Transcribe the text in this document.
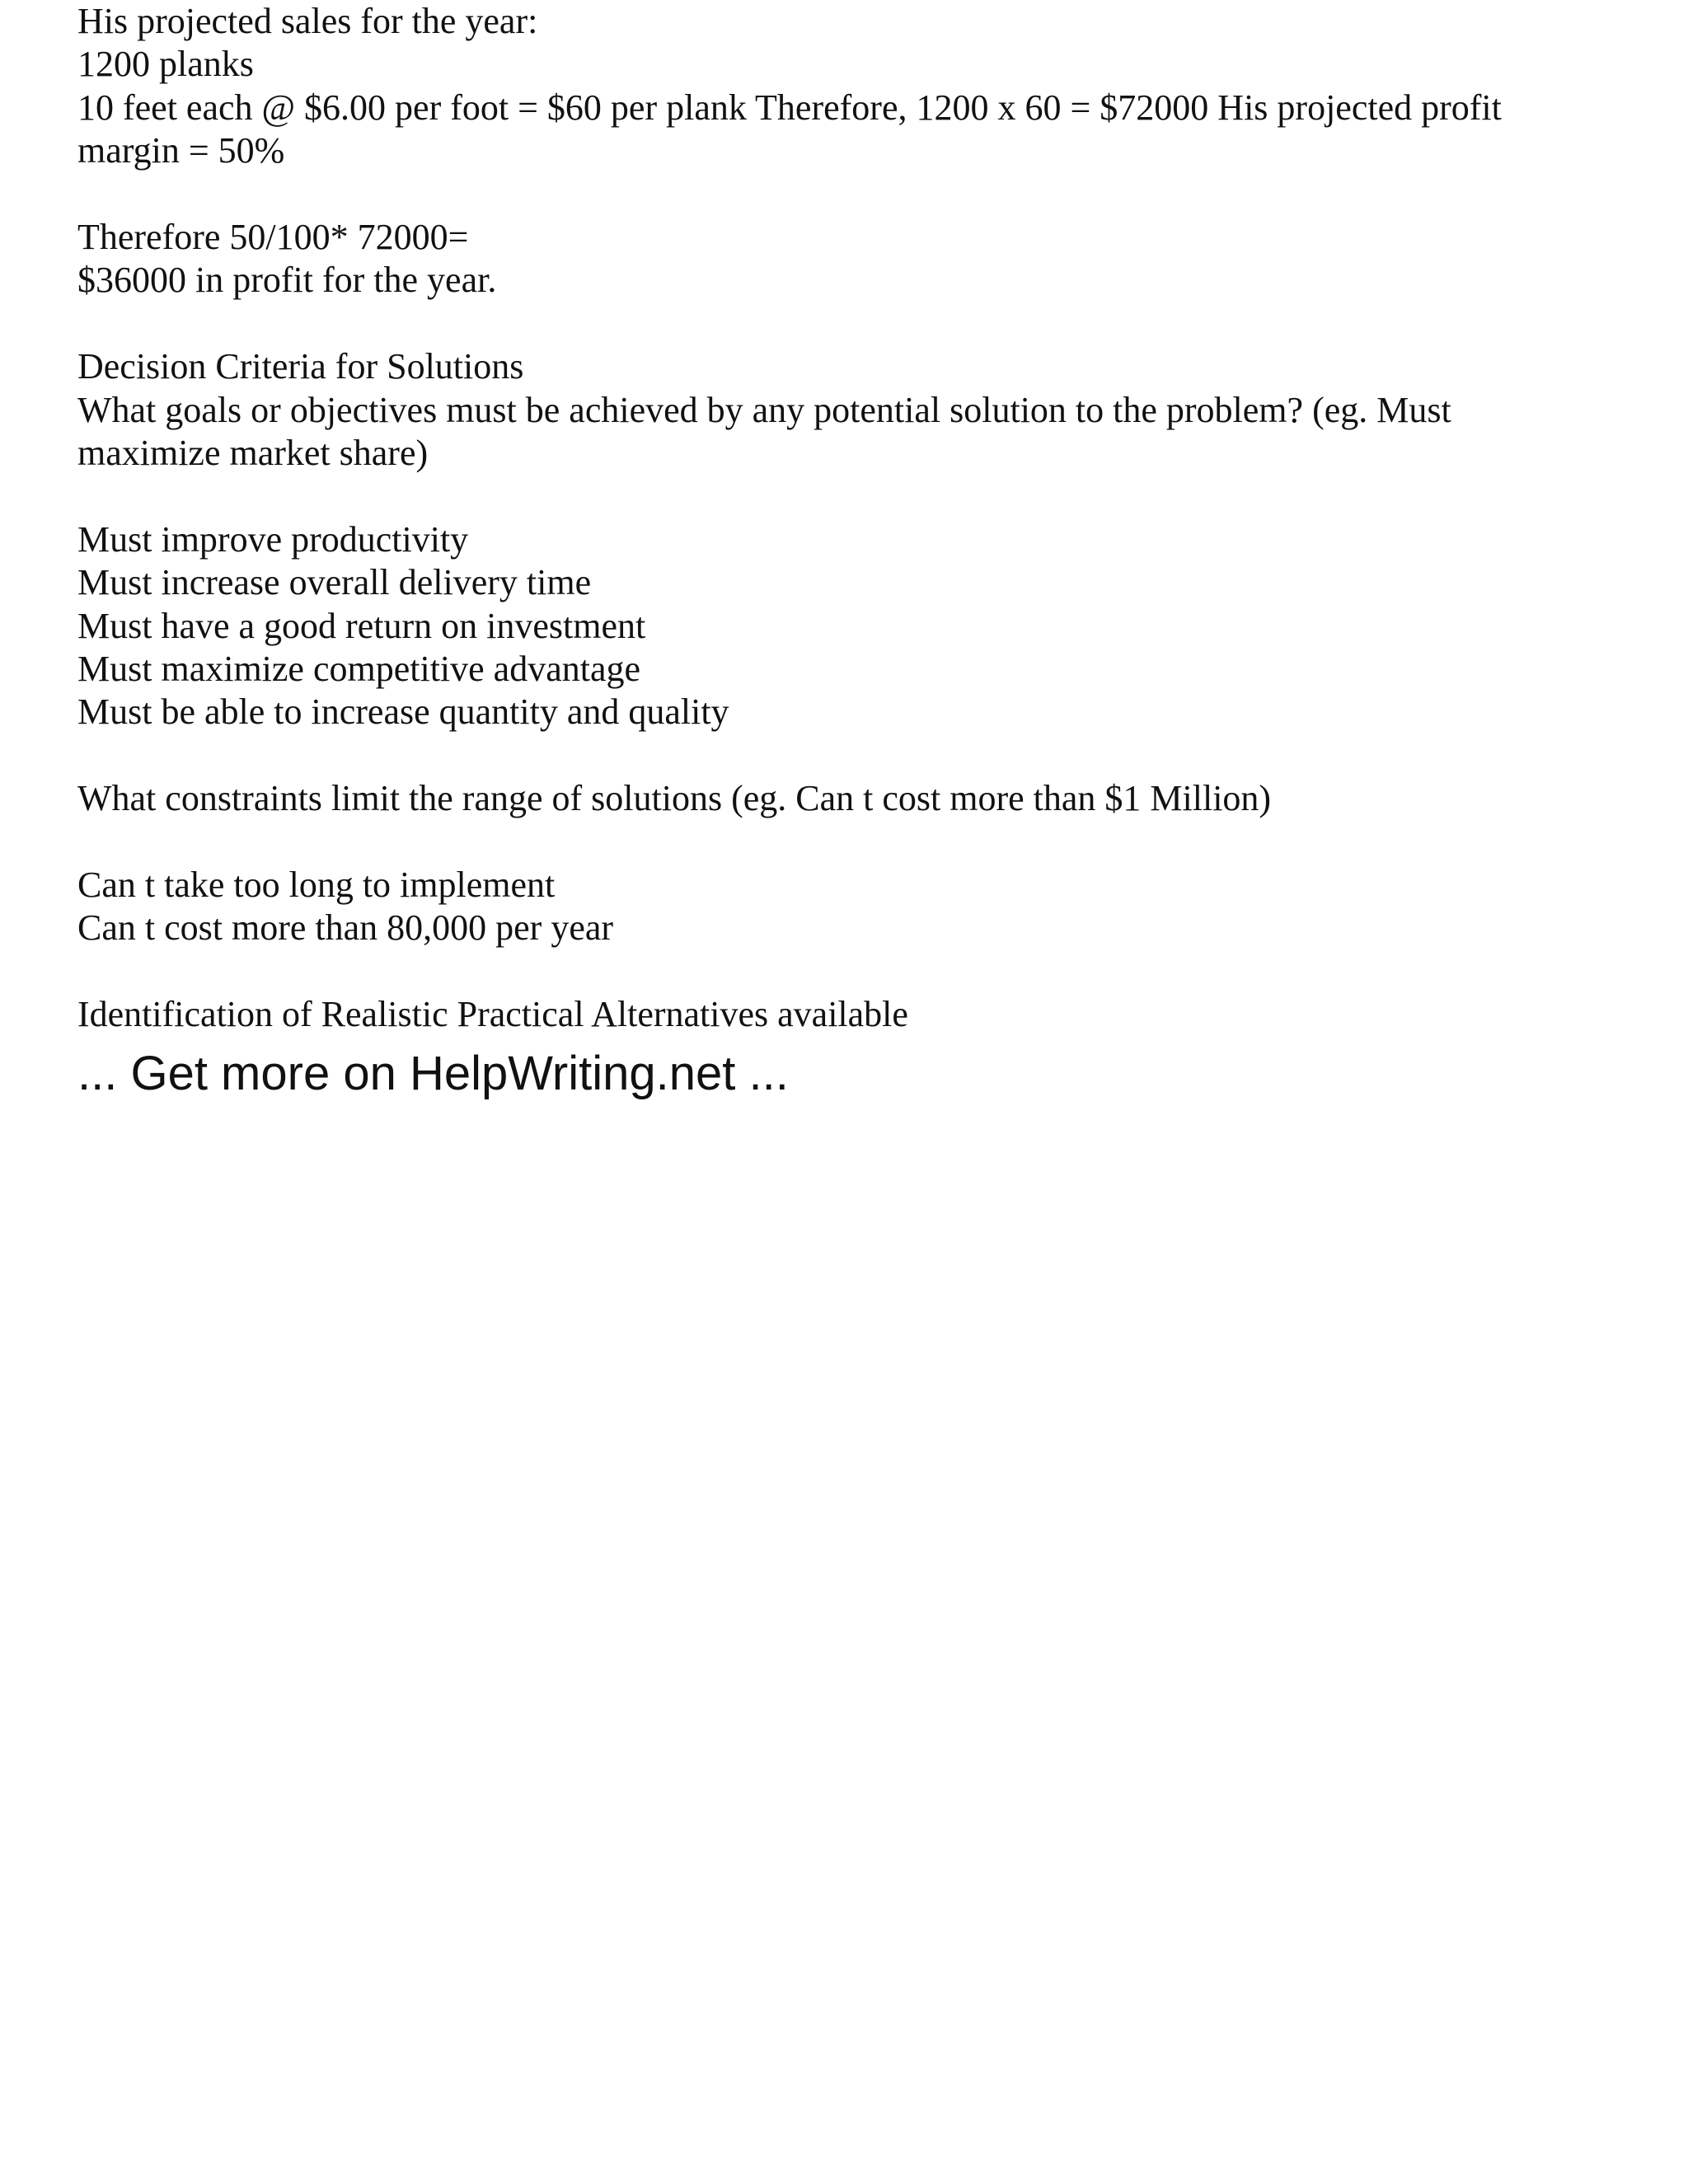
His projected sales for the year:
1200 planks
10 feet each @ $6.00 per foot = $60 per plank Therefore, 1200 x 60 = $72000 His projected profit margin = 50%
Therefore 50/100* 72000=
$36000 in profit for the year.
Decision Criteria for Solutions
What goals or objectives must be achieved by any potential solution to the problem? (eg. Must maximize market share)
Must improve productivity
Must increase overall delivery time
Must have a good return on investment
Must maximize competitive advantage
Must be able to increase quantity and quality
What constraints limit the range of solutions (eg. Can t cost more than $1 Million)
Can t take too long to implement
Can t cost more than 80,000 per year
Identification of Realistic Practical Alternatives available
... Get more on HelpWriting.net ...
